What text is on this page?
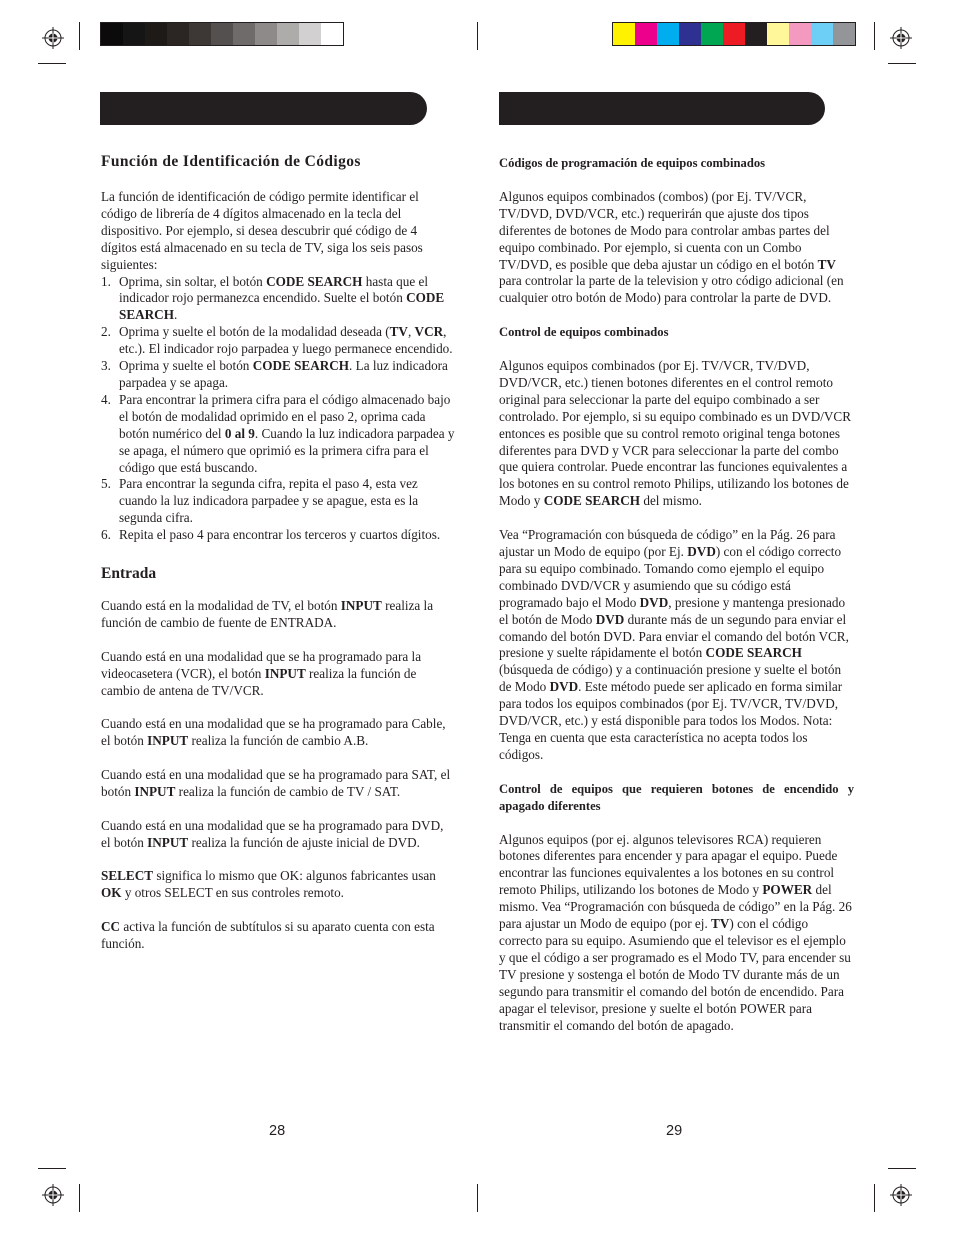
Función de Identificación de Códigos

La función de identificación de código permite identificar el código de librería de 4 dígitos almacenado en la tecla del dispositivo. Por ejemplo, si desea descubrir qué código de 4 dígitos está almacenado en su tecla de TV, siga los seis pasos siguientes:

1. Oprima, sin soltar, el botón CODE SEARCH hasta que el indicador rojo permanezca encendido. Suelte el botón CODE SEARCH.
2. Oprima y suelte el botón de la modalidad deseada (TV, VCR, etc.). El indicador rojo parpadea y luego permanece encendido.
3. Oprima y suelte el botón CODE SEARCH. La luz indicadora parpadea y se apaga.
4. Para encontrar la primera cifra para el código almacenado bajo el botón de modalidad oprimido en el paso 2, oprima cada botón numérico del 0 al 9. Cuando la luz indicadora parpadea y se apaga, el número que oprimió es la primera cifra para el código que está buscando.
5. Para encontrar la segunda cifra, repita el paso 4, esta vez cuando la luz indicadora parpadee y se apague, esta es la segunda cifra.
6. Repita el paso 4 para encontrar los terceros y cuartos dígitos.

Entrada

Cuando está en la modalidad de TV, el botón INPUT realiza la función de cambio de fuente de ENTRADA.

Cuando está en una modalidad que se ha programado para la videocasetera (VCR), el botón INPUT realiza la función de cambio de antena de TV/VCR.

Cuando está en una modalidad que se ha programado para Cable, el botón INPUT realiza la función de cambio A.B.

Cuando está en una modalidad que se ha programado para SAT, el botón INPUT realiza la función de cambio de TV / SAT.

Cuando está en una modalidad que se ha programado para DVD, el botón INPUT realiza la función de ajuste inicial de DVD.

SELECT significa lo mismo que OK: algunos fabricantes usan OK y otros SELECT en sus controles remoto.

CC activa la función de subtítulos si su aparato cuenta con esta función.

Códigos de programación de equipos combinados

Algunos equipos combinados (combos) (por Ej. TV/VCR, TV/DVD, DVD/VCR, etc.) requerirán que ajuste dos tipos diferentes de botones de Modo para controlar ambas partes del equipo combinado. Por ejemplo, si cuenta con un Combo TV/DVD, es posible que deba ajustar un código en el botón TV para controlar la parte de la television y otro código adicional (en cualquier otro botón de Modo) para controlar la parte de DVD.

Control de equipos combinados

Algunos equipos combinados (por Ej. TV/VCR, TV/DVD, DVD/VCR, etc.) tienen botones diferentes en el control remoto original para seleccionar la parte del equipo combinado a ser controlado. Por ejemplo, si su equipo combinado es un DVD/VCR entonces es posible que su control remoto original tenga botones diferentes para DVD y VCR para seleccionar la parte del combo que quiera controlar. Puede encontrar las funciones equivalentes a los botones en su control remoto Philips, utilizando los botones de Modo y CODE SEARCH del mismo.

Vea “Programación con búsqueda de código” en la Pág. 26 para ajustar un Modo de equipo (por Ej. DVD) con el código correcto para su equipo combinado. Tomando como ejemplo el equipo combinado DVD/VCR y asumiendo que su código está programado bajo el Modo DVD, presione y mantenga presionado el botón de Modo DVD durante más de un segundo para enviar el comando del botón DVD. Para enviar el comando del botón VCR, presione y suelte rápidamente el botón CODE SEARCH (búsqueda de código) y a continuación presione y suelte el botón de Modo DVD. Este método puede ser aplicado en forma similar para todos los equipos combinados (por Ej. TV/VCR, TV/DVD, DVD/VCR, etc.) y está disponible para todos los Modos. Nota: Tenga en cuenta que esta característica no acepta todos los códigos.

Control de equipos que requieren botones de encendido y apagado diferentes

Algunos equipos (por ej. algunos televisores RCA) requieren botones diferentes para encender y para apagar el equipo. Puede encontrar las funciones equivalentes a los botones en su control remoto Philips, utilizando los botones de Modo y POWER del mismo. Vea “Programación con búsqueda de código” en la Pág. 26 para ajustar un Modo de equipo (por ej. TV) con el código correcto para su equipo. Asumiendo que el televisor es el ejemplo y que el código a ser programado es el Modo TV, para encender su TV presione y sostenga el botón de Modo TV durante más de un segundo para transmitir el comando del botón de encendido. Para apagar el televisor, presione y suelte el botón POWER para transmitir el comando del botón de apagado.

28	29
